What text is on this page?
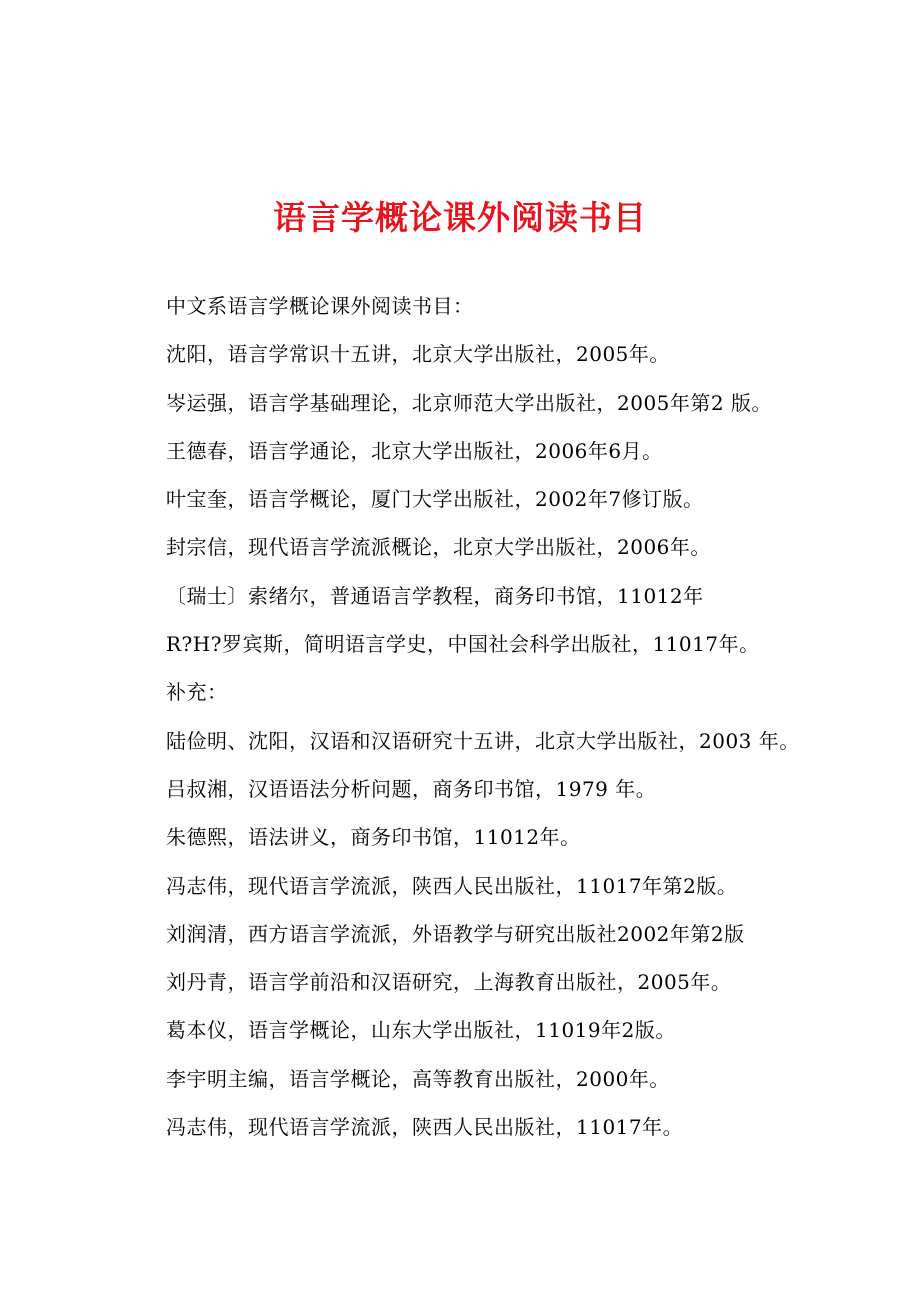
语言学概论课外阅读书目
中文系语言学概论课外阅读书目：
沈阳，语言学常识十五讲，北京大学出版社，2005年。
岑运强，语言学基础理论，北京师范大学出版社，2005年第2 版。
王德春，语言学通论，北京大学出版社，2006年6月。
叶宝奎，语言学概论，厦门大学出版社，2002年7修订版。
封宗信，现代语言学流派概论，北京大学出版社，2006年。
〔瑞士〕索绪尔，普通语言学教程，商务印书馆，11012年
R?H?罗宾斯，简明语言学史，中国社会科学出版社，11017年。
补充：
陆俭明、沈阳，汉语和汉语研究十五讲，北京大学出版社，2003 年。
吕叔湘，汉语语法分析问题，商务印书馆，1979 年。
朱德熙，语法讲义，商务印书馆，11012年。
冯志伟，现代语言学流派，陕西人民出版社，11017年第2版。
刘润清，西方语言学流派，外语教学与研究出版社2002年第2版
刘丹青，语言学前沿和汉语研究，上海教育出版社，2005年。
葛本仪，语言学概论，山东大学出版社，11019年2版。
李宇明主编，语言学概论，高等教育出版社，2000年。
冯志伟，现代语言学流派，陕西人民出版社，11017年。
